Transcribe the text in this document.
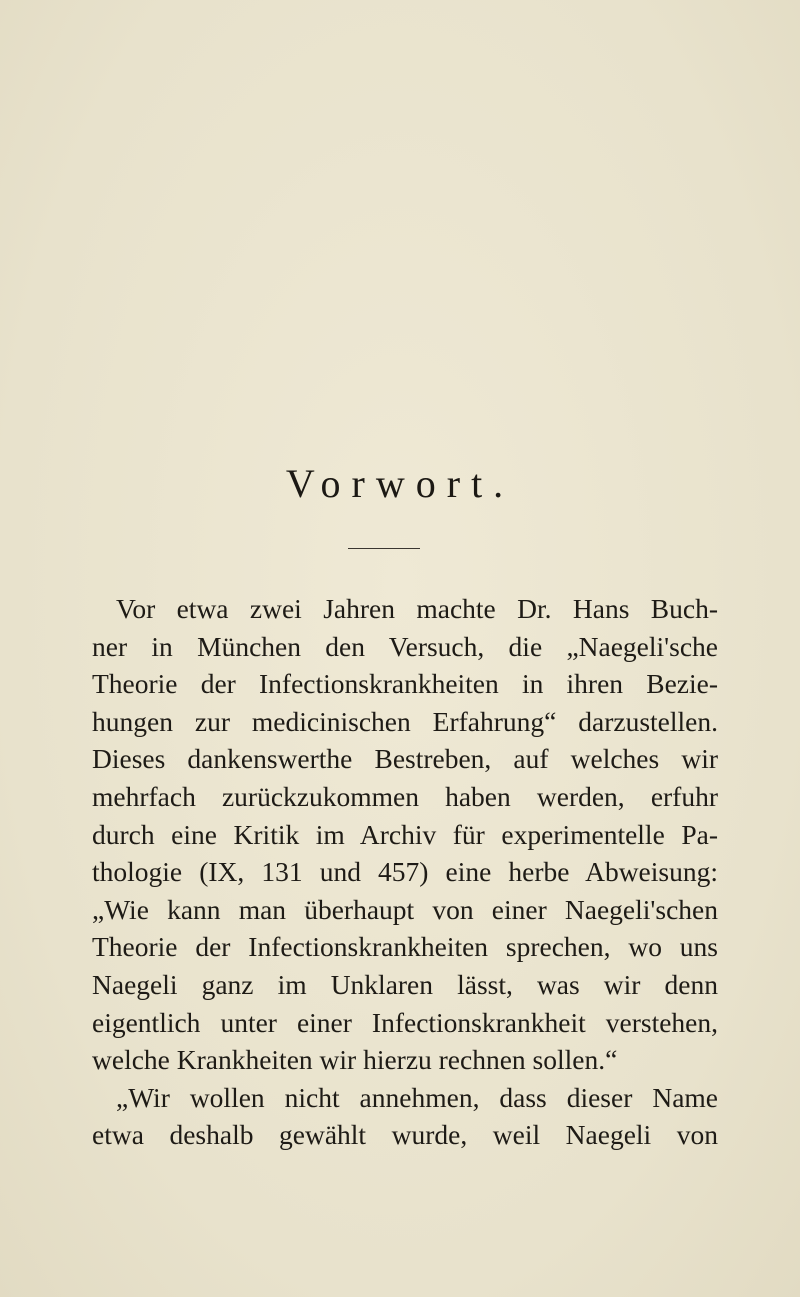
Vorwort.
Vor etwa zwei Jahren machte Dr. Hans Buch-
ner in München den Versuch, die „Naegeli'sche
Theorie der Infectionskrankheiten in ihren Bezie-
hungen zur medicinischen Erfahrung“ darzustellen.
Dieses dankenswerthe Bestreben, auf welches wir
mehrfach zurückzukommen haben werden, erfuhr
durch eine Kritik im Archiv für experimentelle Pa-
thologie (IX, 131 und 457) eine herbe Abweisung:
„Wie kann man überhaupt von einer Naegeli'schen
Theorie der Infectionskrankheiten sprechen, wo uns
Naegeli ganz im Unklaren lässt, was wir denn
eigentlich unter einer Infectionskrankheit verstehen,
welche Krankheiten wir hierzu rechnen sollen.“
„Wir wollen nicht annehmen, dass dieser Name
etwa deshalb gewählt wurde, weil Naegeli von
